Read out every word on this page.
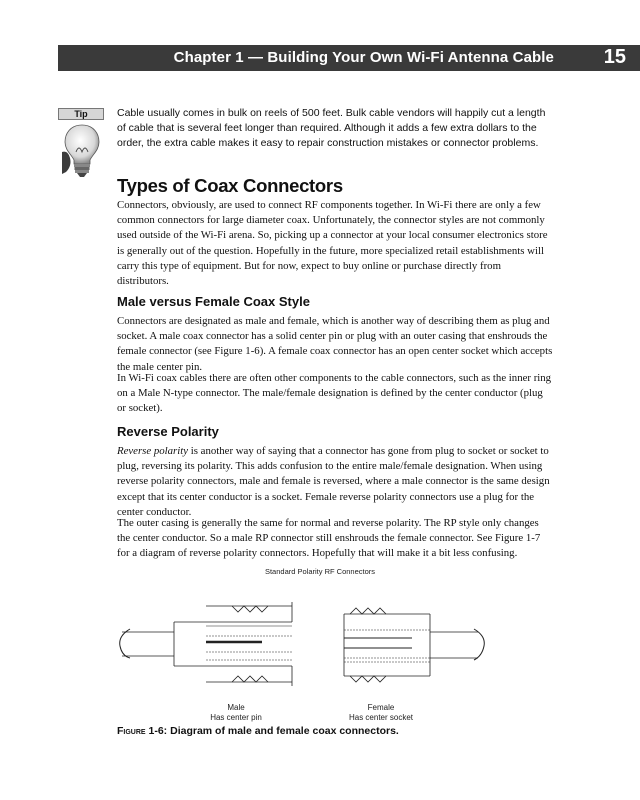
Chapter 1 — Building Your Own Wi-Fi Antenna Cable 15
Tip	Cable usually comes in bulk on reels of 500 feet. Bulk cable vendors will happily cut a length of cable that is several feet longer than required. Although it adds a few extra dollars to the order, the extra cable makes it easy to repair construction mistakes or connector problems.

Types of Coax Connectors

Connectors, obviously, are used to connect RF components together. In Wi-Fi there are only a few common connectors for large diameter coax. Unfortunately, the connector styles are not commonly used outside of the Wi-Fi arena. So, picking up a connector at your local consumer electronics store is generally out of the question. Hopefully in the future, more specialized retail establishments will carry this type of equipment. But for now, expect to buy online or purchase directly from distributors.

Male versus Female Coax Style

Connectors are designated as male and female, which is another way of describing them as plug and socket. A male coax connector has a solid center pin or plug with an outer casing that enshrouds the female connector (see Figure 1-6). A female coax connector has an open center socket which accepts the male center pin.

In Wi-Fi coax cables there are often other components to the cable connectors, such as the inner ring on a Male N-type connector. The male/female designation is defined by the center conductor (plug or socket).

Reverse Polarity

Reverse polarity is another way of saying that a connector has gone from plug to socket or socket to plug, reversing its polarity. This adds confusion to the entire male/female designation. When using reverse polarity connectors, male and female is reversed, where a male connector is the same design except that its center conductor is a socket. Female reverse polarity connectors use a plug for the center conductor.

The outer casing is generally the same for normal and reverse polarity. The RP style only changes the center conductor. So a male RP connector still enshrouds the female connector. See Figure 1-7 for a diagram of reverse polarity connectors. Hopefully that will make it a bit less confusing.

Standard Polarity RF Connectors
Male
Has center pin
Female
Has center socket

Figure 1-6: Diagram of male and female coax connectors.
